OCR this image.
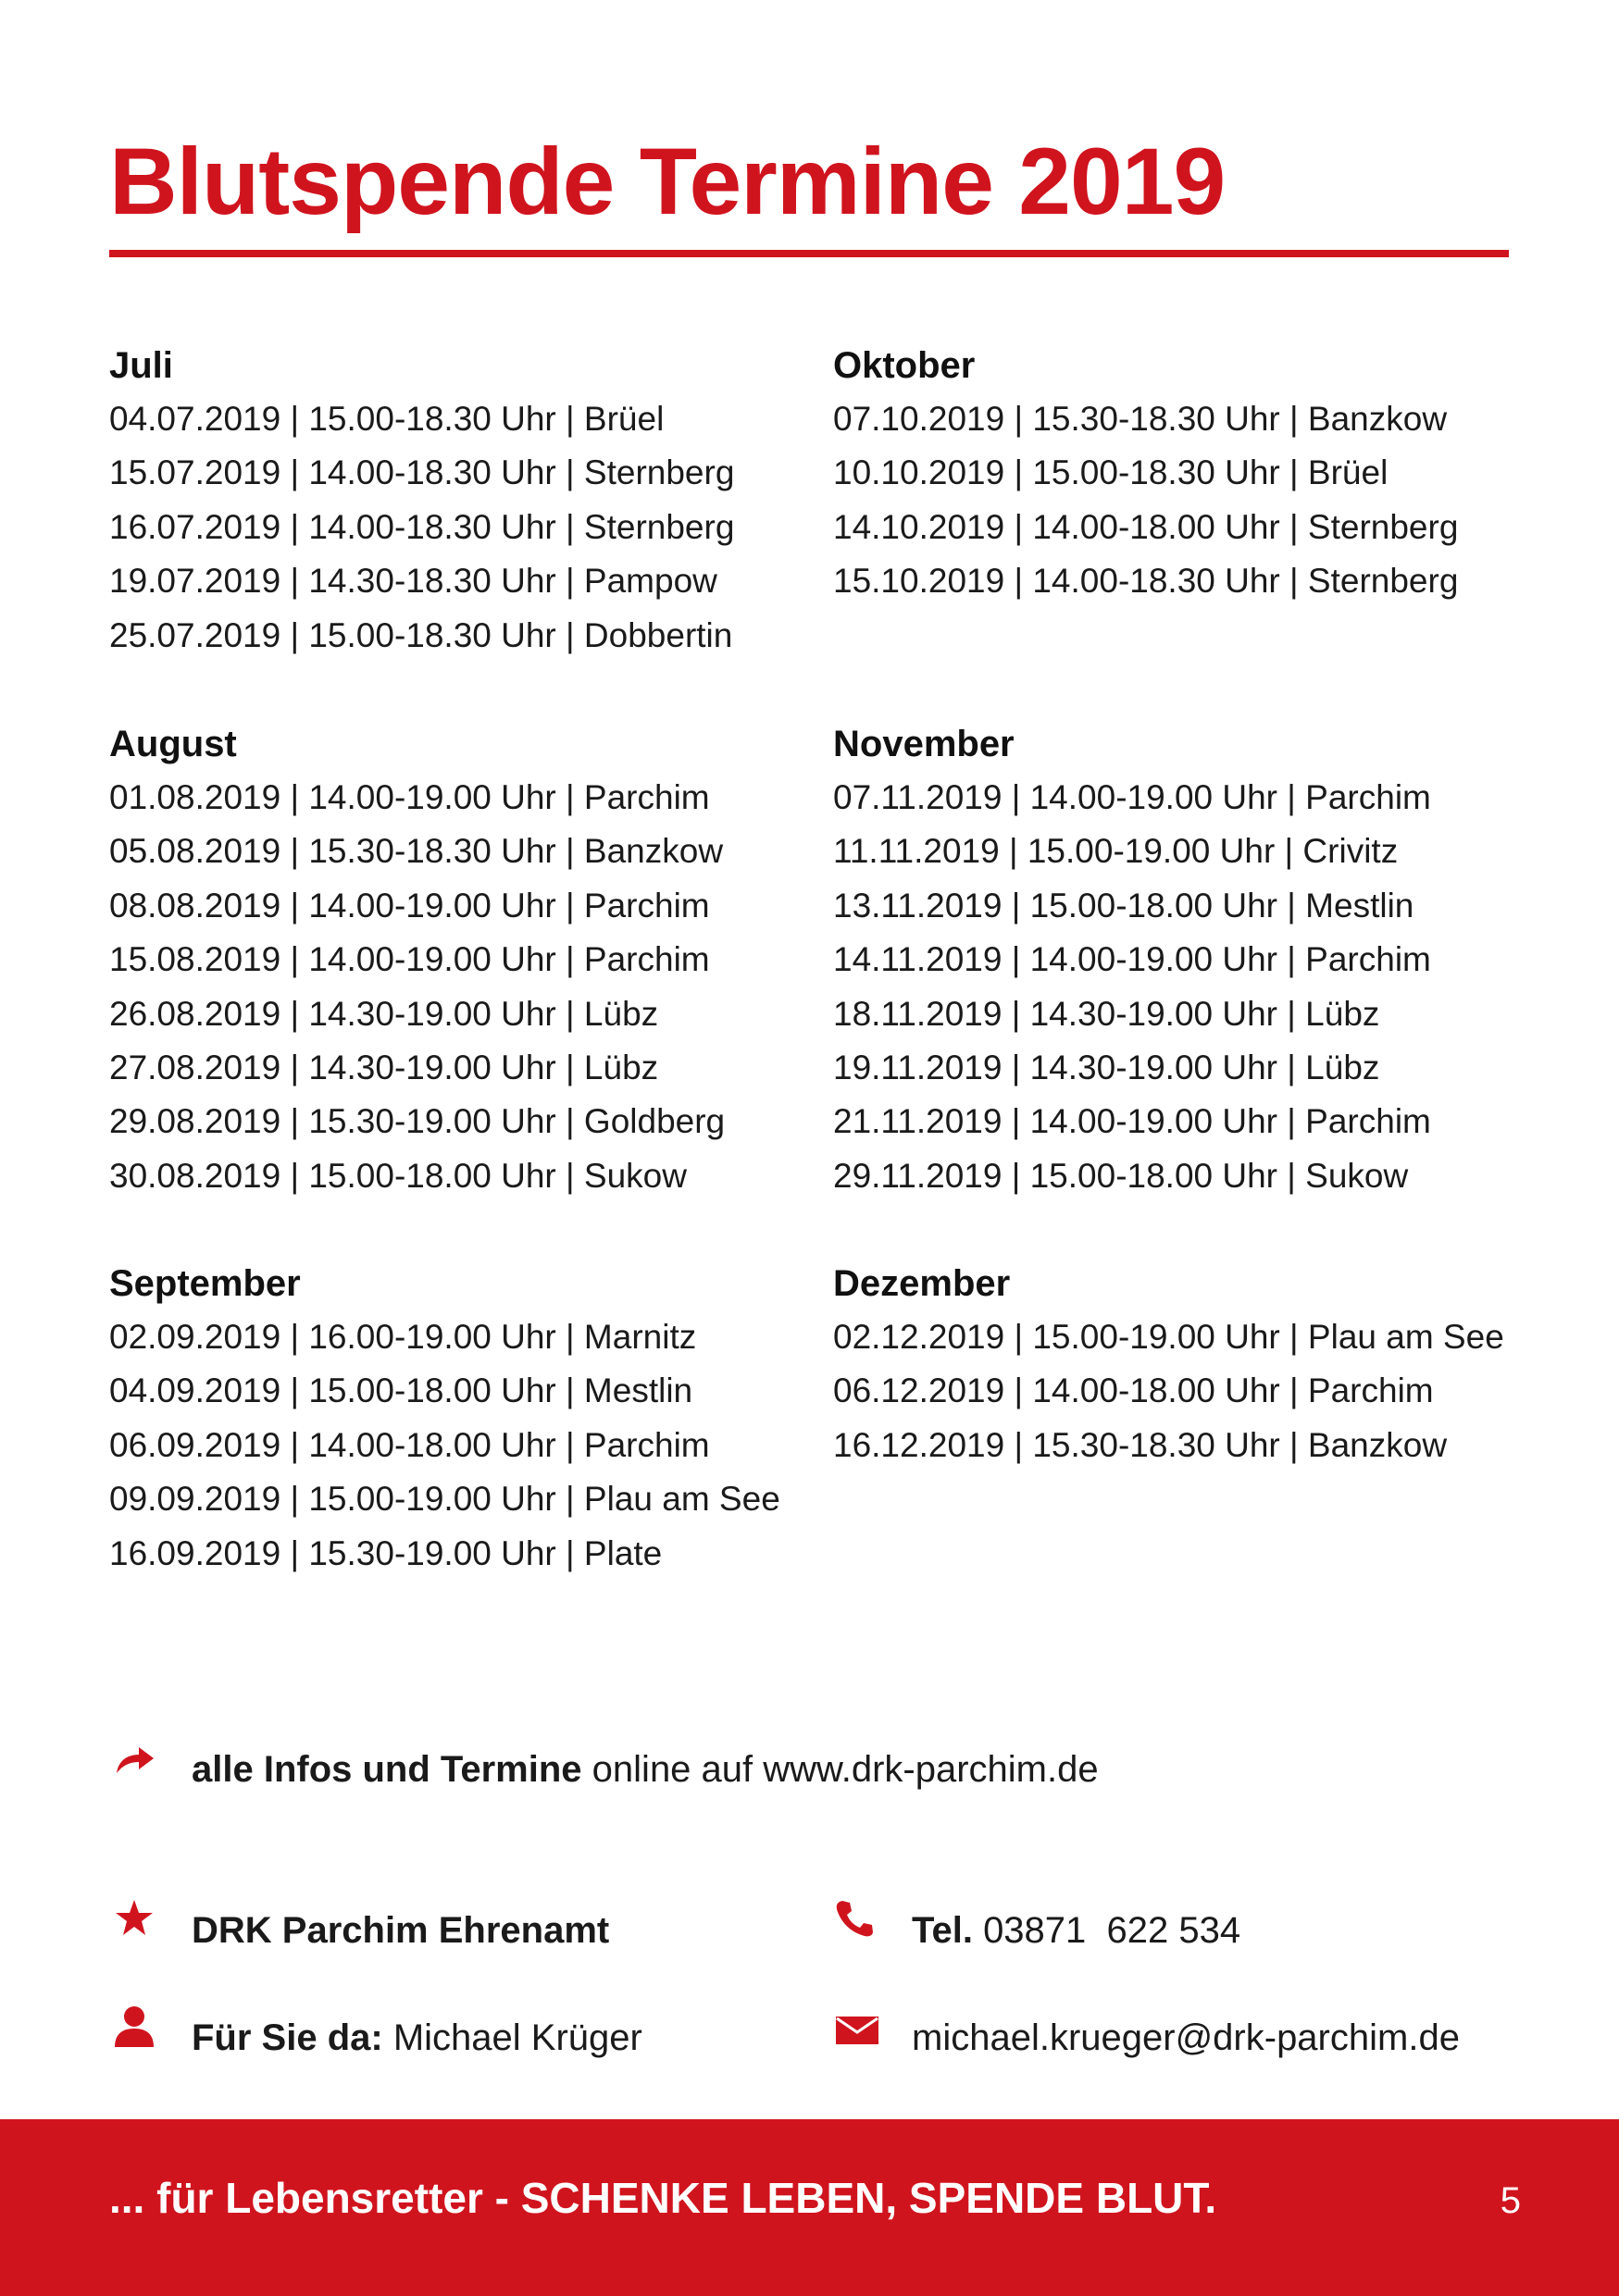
Blutspende Termine 2019
Juli
04.07.2019 | 15.00-18.30 Uhr | Brüel
15.07.2019 | 14.00-18.30 Uhr | Sternberg
16.07.2019 | 14.00-18.30 Uhr | Sternberg
19.07.2019 | 14.30-18.30 Uhr | Pampow
25.07.2019 | 15.00-18.30 Uhr | Dobbertin
August
01.08.2019 | 14.00-19.00 Uhr | Parchim
05.08.2019 | 15.30-18.30 Uhr | Banzkow
08.08.2019 | 14.00-19.00 Uhr | Parchim
15.08.2019 | 14.00-19.00 Uhr | Parchim
26.08.2019 | 14.30-19.00 Uhr | Lübz
27.08.2019 | 14.30-19.00 Uhr | Lübz
29.08.2019 | 15.30-19.00 Uhr | Goldberg
30.08.2019 | 15.00-18.00 Uhr | Sukow
September
02.09.2019 | 16.00-19.00 Uhr | Marnitz
04.09.2019 | 15.00-18.00 Uhr | Mestlin
06.09.2019 | 14.00-18.00 Uhr | Parchim
09.09.2019 | 15.00-19.00 Uhr | Plau am See
16.09.2019 | 15.30-19.00 Uhr | Plate
Oktober
07.10.2019 | 15.30-18.30 Uhr | Banzkow
10.10.2019 | 15.00-18.30 Uhr | Brüel
14.10.2019 | 14.00-18.00 Uhr | Sternberg
15.10.2019 | 14.00-18.30 Uhr | Sternberg
November
07.11.2019 | 14.00-19.00 Uhr | Parchim
11.11.2019 | 15.00-19.00 Uhr | Crivitz
13.11.2019 | 15.00-18.00 Uhr | Mestlin
14.11.2019 | 14.00-19.00 Uhr | Parchim
18.11.2019 | 14.30-19.00 Uhr | Lübz
19.11.2019 | 14.30-19.00 Uhr | Lübz
21.11.2019 | 14.00-19.00 Uhr | Parchim
29.11.2019 | 15.00-18.00 Uhr | Sukow
Dezember
02.12.2019 | 15.00-19.00 Uhr | Plau am See
06.12.2019 | 14.00-18.00 Uhr | Parchim
16.12.2019 | 15.30-18.30 Uhr | Banzkow
alle Infos und Termine online auf www.drk-parchim.de
DRK Parchim Ehrenamt	Tel. 03871  622 534
Für Sie da: Michael Krüger	michael.krueger@drk-parchim.de
... für Lebensretter - SCHENKE LEBEN, SPENDE BLUT.	5
